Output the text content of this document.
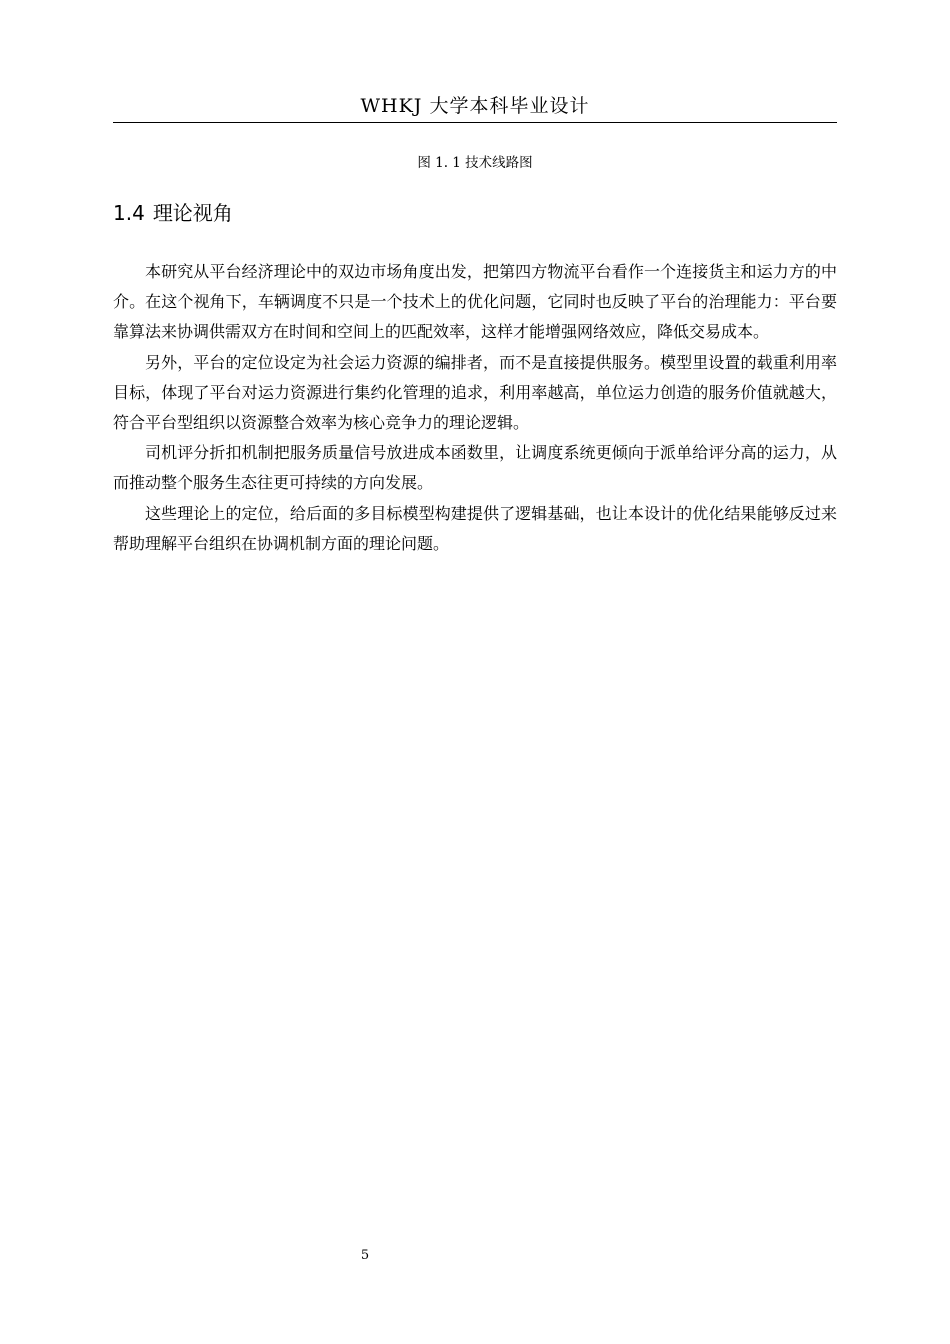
WHKJ 大学本科毕业设计
图 1. 1 技术线路图
1.4 理论视角

本研究从平台经济理论中的双边市场角度出发，把第四方物流平台看作一个连接货主和运力方的中介。在这个视角下，车辆调度不只是一个技术上的优化问题，它同时也反映了平台的治理能力：平台要靠算法来协调供需双方在时间和空间上的匹配效率，这样才能增强网络效应，降低交易成本。

另外，平台的定位设定为社会运力资源的编排者，而不是直接提供服务。模型里设置的载重利用率目标，体现了平台对运力资源进行集约化管理的追求，利用率越高，单位运力创造的服务价值就越大，符合平台型组织以资源整合效率为核心竞争力的理论逻辑。

司机评分折扣机制把服务质量信号放进成本函数里，让调度系统更倾向于派单给评分高的运力，从而推动整个服务生态往更可持续的方向发展。

这些理论上的定位，给后面的多目标模型构建提供了逻辑基础，也让本设计的优化结果能够反过来帮助理解平台组织在协调机制方面的理论问题。

5
